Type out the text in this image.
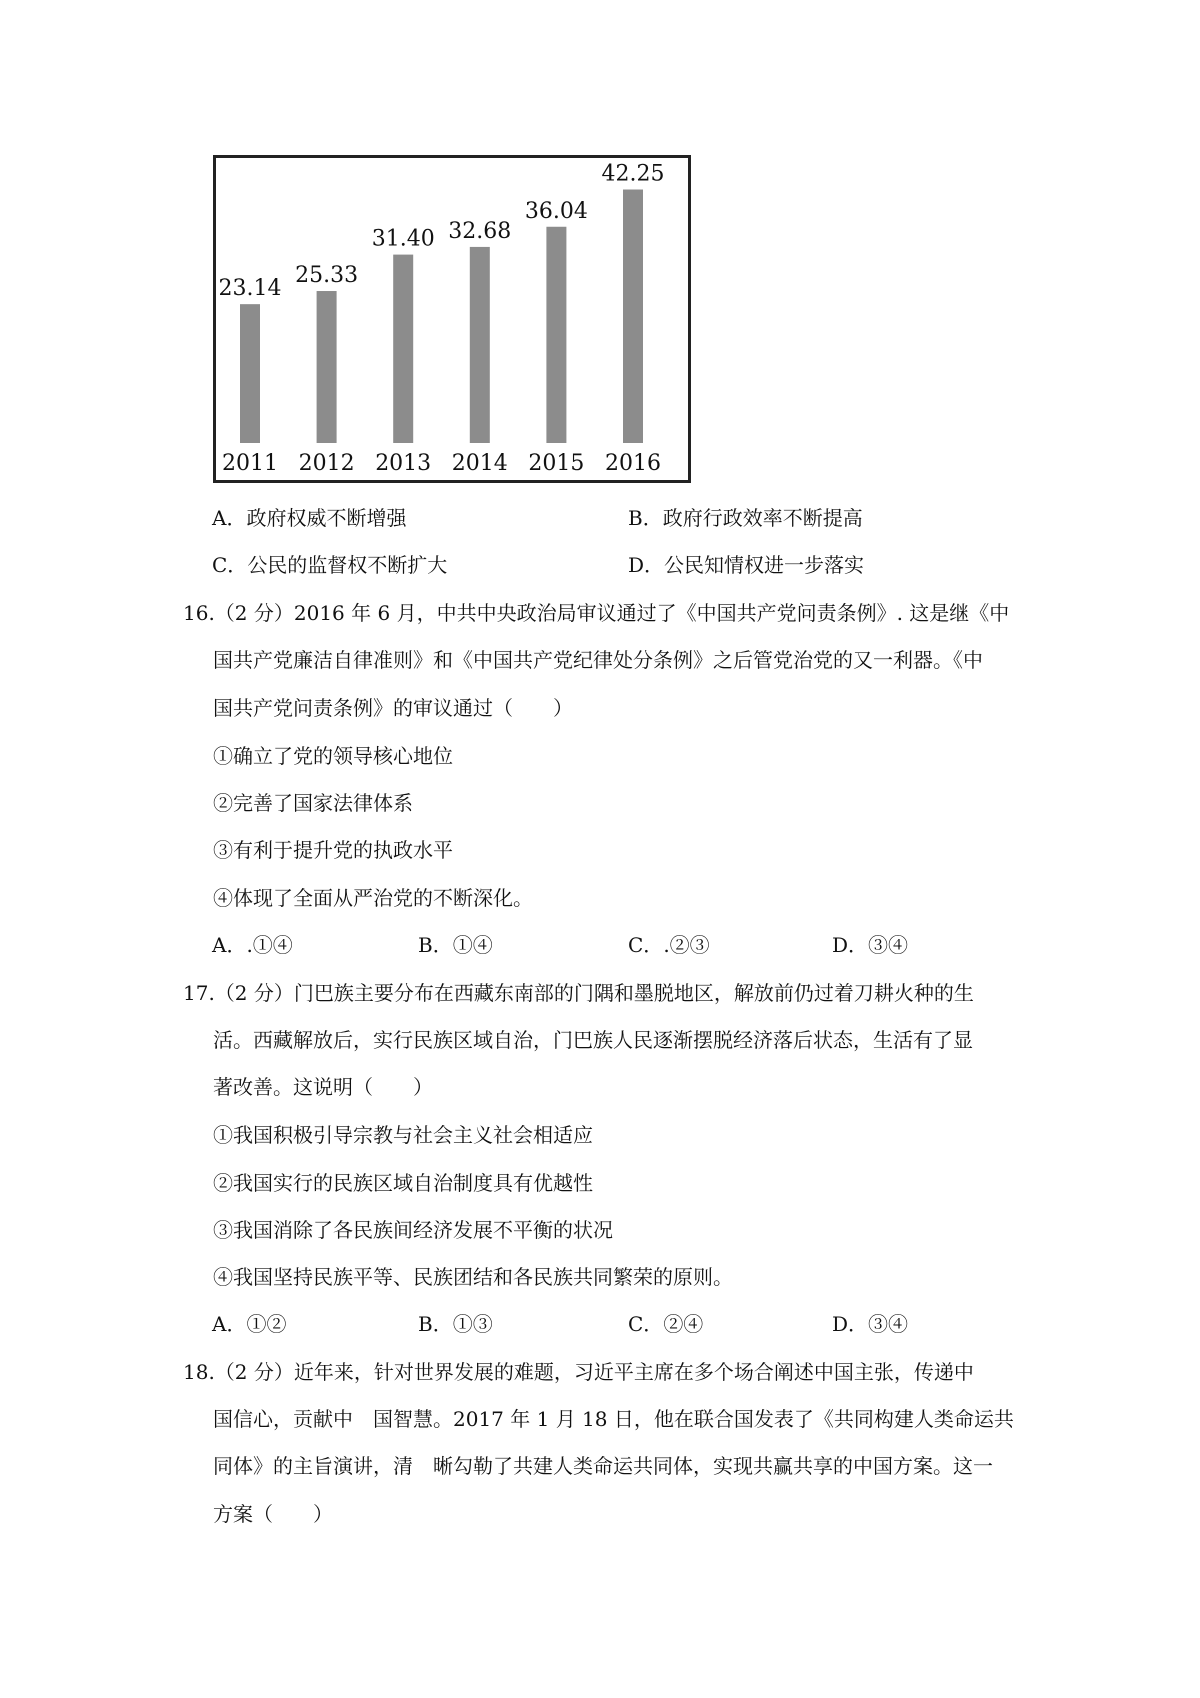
23.14
2011
25.33
2012
31.40
2013
32.68
2014
36.04
2015
42.25
2016
A．政府权威不断增强	B．政府行政效率不断提高
C．公民的监督权不断扩大	D．公民知情权进一步落实
16.（2 分）2016 年 6 月，中共中央政治局审议通过了《中国共产党问责条例》. 这是继《中
国共产党廉洁自律准则》和《中国共产党纪律处分条例》之后管党治党的又一利器。《中
国共产党问责条例》的审议通过（　　）
①确立了党的领导核心地位
②完善了国家法律体系
③有利于提升党的执政水平
④体现了全面从严治党的不断深化。
A．.①④	B．①④	C．.②③	D．③④
17.（2 分）门巴族主要分布在西藏东南部的门隅和墨脱地区，解放前仍过着刀耕火种的生
活。西藏解放后，实行民族区域自治，门巴族人民逐渐摆脱经济落后状态，生活有了显
著改善。这说明（　　）
①我国积极引导宗教与社会主义社会相适应
②我国实行的民族区域自治制度具有优越性
③我国消除了各民族间经济发展不平衡的状况
④我国坚持民族平等、民族团结和各民族共同繁荣的原则。
A．①②	B．①③	C．②④	D．③④
18.（2 分）近年来，针对世界发展的难题，习近平主席在多个场合阐述中国主张，传递中
国信心，贡献中　国智慧。2017 年 1 月 18 日，他在联合国发表了《共同构建人类命运共
同体》的主旨演讲，清　晰勾勒了共建人类命运共同体，实现共赢共享的中国方案。这一
方案（　　）
